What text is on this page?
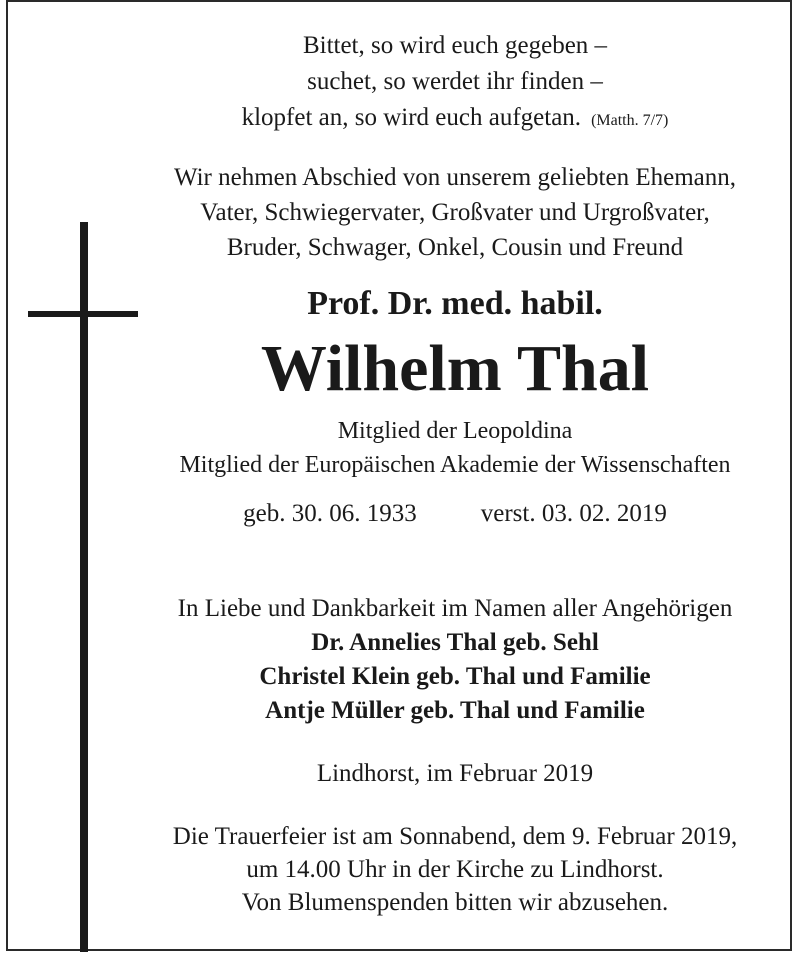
Bittet, so wird euch gegeben –
suchet, so werdet ihr finden –
klopfet an, so wird euch aufgetan. (Matth. 7/7)
Wir nehmen Abschied von unserem geliebten Ehemann,
Vater, Schwiegervater, Großvater und Urgroßvater,
Bruder, Schwager, Onkel, Cousin und Freund
Prof. Dr. med. habil.
Wilhelm Thal
Mitglied der Leopoldina
Mitglied der Europäischen Akademie der Wissenschaften
geb. 30. 06. 1933	verst. 03. 02. 2019
In Liebe und Dankbarkeit im Namen aller Angehörigen
Dr. Annelies Thal geb. Sehl
Christel Klein geb. Thal und Familie
Antje Müller geb. Thal und Familie
Lindhorst, im Februar 2019
Die Trauerfeier ist am Sonnabend, dem 9. Februar 2019,
um 14.00 Uhr in der Kirche zu Lindhorst.
Von Blumenspenden bitten wir abzusehen.
